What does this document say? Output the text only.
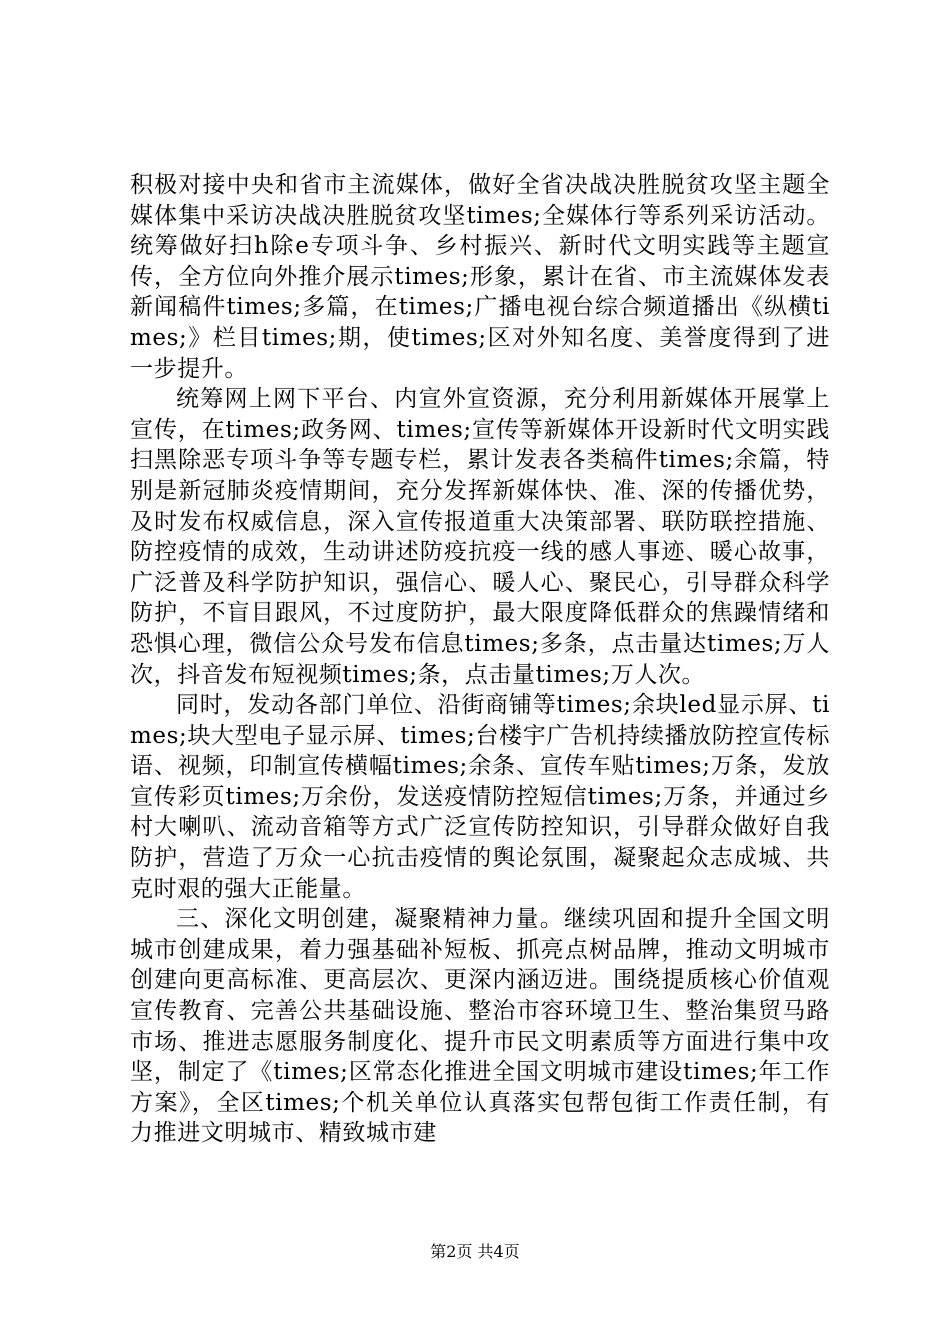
积极对接中央和省市主流媒体，做好全省决战决胜脱贫攻坚主题全媒体集中采访决战决胜脱贫攻坚times;全媒体行等系列采访活动。统筹做好扫h除e专项斗争、乡村振兴、新时代文明实践等主题宣传，全方位向外推介展示times;形象，累计在省、市主流媒体发表新闻稿件times;多篇，在times;广播电视台综合频道播出《纵横times;》栏目times;期，使times;区对外知名度、美誉度得到了进一步提升。

统筹网上网下平台、内宣外宣资源，充分利用新媒体开展掌上宣传，在times;政务网、times;宣传等新媒体开设新时代文明实践扫黑除恶专项斗争等专题专栏，累计发表各类稿件times;余篇，特别是新冠肺炎疫情期间，充分发挥新媒体快、准、深的传播优势，及时发布权威信息，深入宣传报道重大决策部署、联防联控措施、防控疫情的成效，生动讲述防疫抗疫一线的感人事迹、暖心故事，广泛普及科学防护知识，强信心、暖人心、聚民心，引导群众科学防护，不盲目跟风，不过度防护，最大限度降低群众的焦躁情绪和恐惧心理，微信公众号发布信息times;多条，点击量达times;万人次，抖音发布短视频times;条，点击量times;万人次。

同时，发动各部门单位、沿街商铺等times;余块led显示屏、times;块大型电子显示屏、times;台楼宇广告机持续播放防控宣传标语、视频，印制宣传横幅times;余条、宣传车贴times;万条，发放宣传彩页times;万余份，发送疫情防控短信times;万条，并通过乡村大喇叭、流动音箱等方式广泛宣传防控知识，引导群众做好自我防护，营造了万众一心抗击疫情的舆论氛围，凝聚起众志成城、共克时艰的强大正能量。

三、深化文明创建，凝聚精神力量。继续巩固和提升全国文明城市创建成果，着力强基础补短板、抓亮点树品牌，推动文明城市创建向更高标准、更高层次、更深内涵迈进。围绕提质核心价值观宣传教育、完善公共基础设施、整治市容环境卫生、整治集贸马路市场、推进志愿服务制度化、提升市民文明素质等方面进行集中攻坚，制定了《times;区常态化推进全国文明城市建设times;年工作方案》，全区times;个机关单位认真落实包帮包街工作责任制，有力推进文明城市、精致城市建

第2页 共4页
